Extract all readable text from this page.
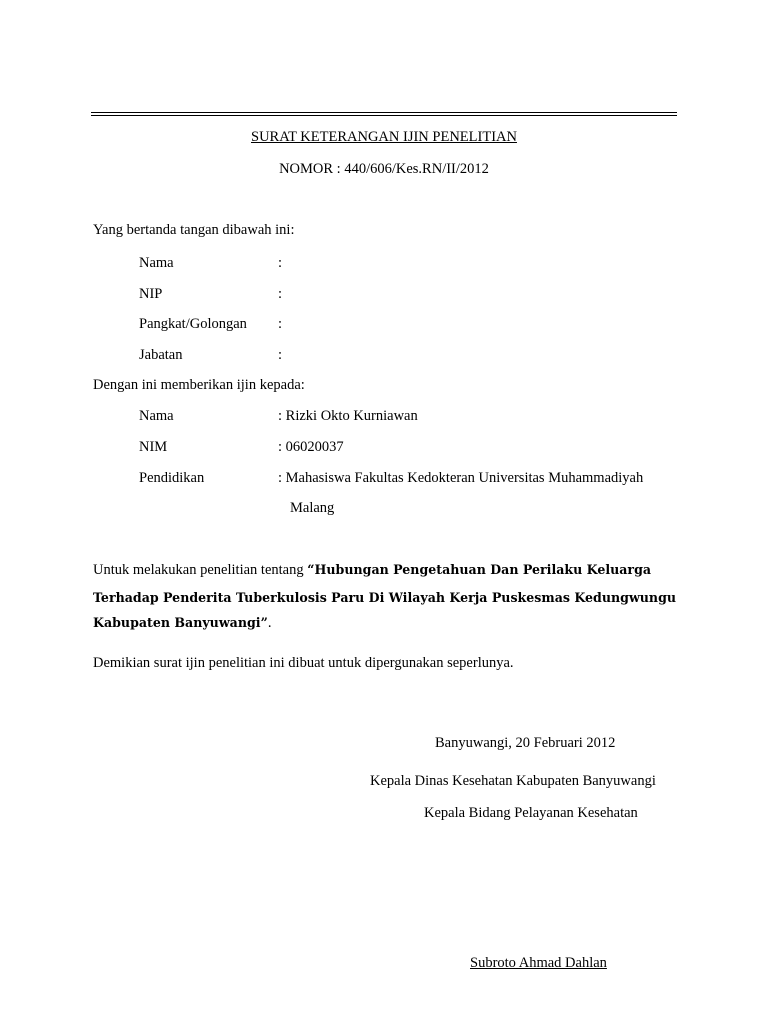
SURAT KETERANGAN IJIN PENELITIAN
NOMOR : 440/606/Kes.RN/II/2012
Yang bertanda tangan dibawah ini:
Nama	:
NIP	:
Pangkat/Golongan :
Jabatan	:
Dengan ini memberikan ijin kepada:
Nama	: Rizki Okto Kurniawan
NIM	: 06020037
Pendidikan	: Mahasiswa Fakultas Kedokteran Universitas Muhammadiyah
Malang
Untuk melakukan penelitian tentang “Hubungan Pengetahuan Dan Perilaku Keluarga
Terhadap Penderita Tuberkulosis Paru Di Wilayah Kerja Puskesmas Kedungwungu
Kabupaten Banyuwangi”.
Demikian surat ijin penelitian ini dibuat untuk dipergunakan seperlunya.
Banyuwangi, 20 Februari 2012
Kepala Dinas Kesehatan Kabupaten Banyuwangi
Kepala Bidang Pelayanan Kesehatan
Subroto Ahmad Dahlan
